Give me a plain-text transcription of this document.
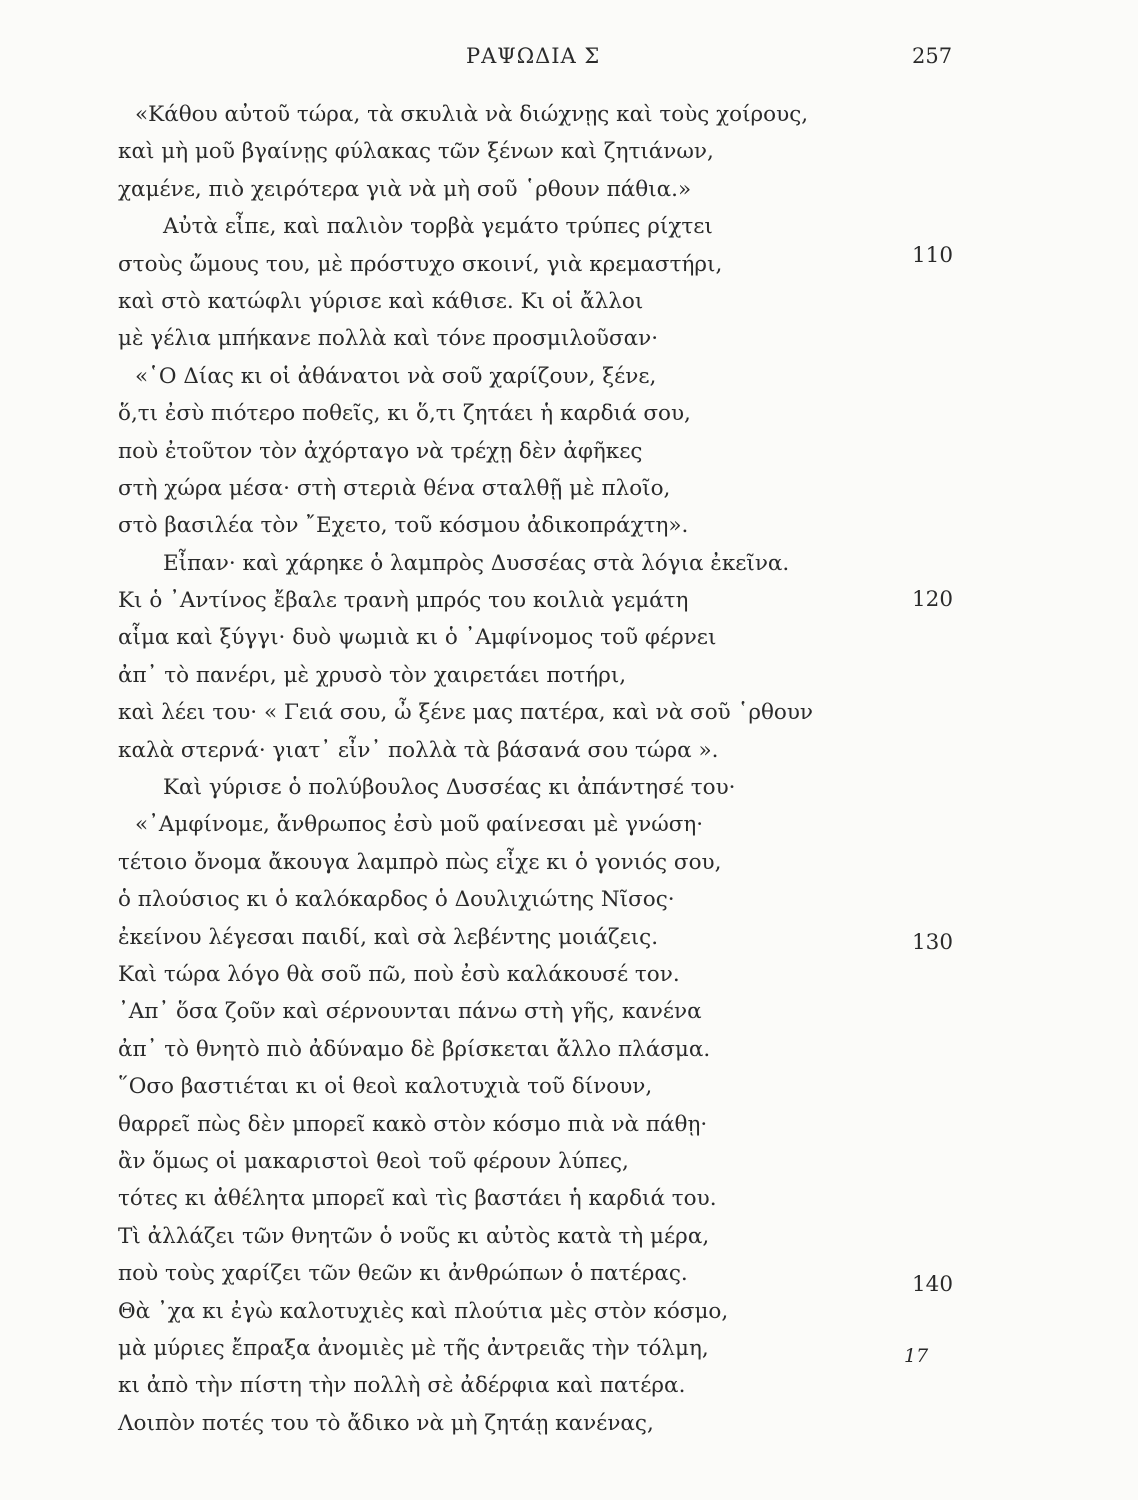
ΡΑΨΩΔΙΑ Σ	257
«Κάθου αὐτοῦ τώρα, τὰ σκυλιὰ νὰ διώχνῃς καὶ τοὺς χοίρους,
καὶ μὴ μοῦ βγαίνῃς φύλακας τῶν ξένων καὶ ζητιάνων,
χαμένε, πιὸ χειρότερα γιὰ νὰ μὴ σοῦ ῾ρθουν πάθια.»
Αὐτὰ εἶπε, καὶ παλιὸν τορβὰ γεμάτο τρύπες ρίχτει
στοὺς ὤμους του, μὲ πρόστυχο σκοινί, γιὰ κρεμαστήρι,
καὶ στὸ κατώφλι γύρισε καὶ κάθισε. Κι οἱ ἄλλοι
μὲ γέλια μπήκανε πολλὰ καὶ τόνε προσμιλοῦσαν·
«῾Ο Δίας κι οἱ ἀθάνατοι νὰ σοῦ χαρίζουν, ξένε,
ὅ,τι ἐσὺ πιότερο ποθεῖς, κι ὅ,τι ζητάει ἡ καρδιά σου,
ποὺ ἐτοῦτον τὸν ἀχόρταγο νὰ τρέχῃ δὲν ἀφῆκες
στὴ χώρα μέσα· στὴ στεριὰ θένα σταλθῇ μὲ πλοῖο,
στὸ βασιλέα τὸν ῎Εχετο, τοῦ κόσμου ἀδικοπράχτη».
Εἶπαν· καὶ χάρηκε ὁ λαμπρὸς Δυσσέας στὰ λόγια ἐκεῖνα.
Κι ὁ ᾿Αντίνος ἔβαλε τρανὴ μπρός του κοιλιὰ γεμάτη
αἷμα καὶ ξύγγι· δυὸ ψωμιὰ κι ὁ ᾿Αμφίνομος τοῦ φέρνει
ἀπ᾿ τὸ πανέρι, μὲ χρυσὸ τὸν χαιρετάει ποτήρι,
καὶ λέει του· « Γειά σου, ὦ ξένε μας πατέρα, καὶ νὰ σοῦ ῾ρθουν
καλὰ στερνά· γιατ᾿ εἶν᾿ πολλὰ τὰ βάσανά σου τώρα ».
Καὶ γύρισε ὁ πολύβουλος Δυσσέας κι ἀπάντησέ του·
«᾿Αμφίνομε, ἄνθρωπος ἐσὺ μοῦ φαίνεσαι μὲ γνώση·
τέτοιο ὄνομα ἄκουγα λαμπρὸ πὼς εἶχε κι ὁ γονιός σου,
ὁ πλούσιος κι ὁ καλόκαρδος ὁ Δουλιχιώτης Νῖσος·
ἐκείνου λέγεσαι παιδί, καὶ σὰ λεβέντης μοιάζεις.
Καὶ τώρα λόγο θὰ σοῦ πῶ, ποὺ ἐσὺ καλάκουσέ τον.
᾿Απ᾿ ὅσα ζοῦν καὶ σέρνουνται πάνω στὴ γῆς, κανένα
ἀπ᾿ τὸ θνητὸ πιὸ ἀδύναμο δὲ βρίσκεται ἄλλο πλάσμα.
῞Οσο βαστιέται κι οἱ θεοὶ καλοτυχιὰ τοῦ δίνουν,
θαρρεῖ πὼς δὲν μπορεῖ κακὸ στὸν κόσμο πιὰ νὰ πάθῃ·
ἂν ὅμως οἱ μακαριστοὶ θεοὶ τοῦ φέρουν λύπες,
τότες κι ἀθέλητα μπορεῖ καὶ τὶς βαστάει ἡ καρδιά του.
Τὶ ἀλλάζει τῶν θνητῶν ὁ νοῦς κι αὐτὸς κατὰ τὴ μέρα,
ποὺ τοὺς χαρίζει τῶν θεῶν κι ἀνθρώπων ὁ πατέρας.
Θὰ ᾿χα κι ἐγὼ καλοτυχιὲς καὶ πλούτια μὲς στὸν κόσμο,
μὰ μύριες ἔπραξα ἀνομιὲς μὲ τῆς ἀντρειᾶς τὴν τόλμη,
κι ἀπὸ τὴν πίστη τὴν πολλὴ σὲ ἀδέρφια καὶ πατέρα.
Λοιπὸν ποτές του τὸ ἄδικο νὰ μὴ ζητάῃ κανένας,
110
120
130
140
17
